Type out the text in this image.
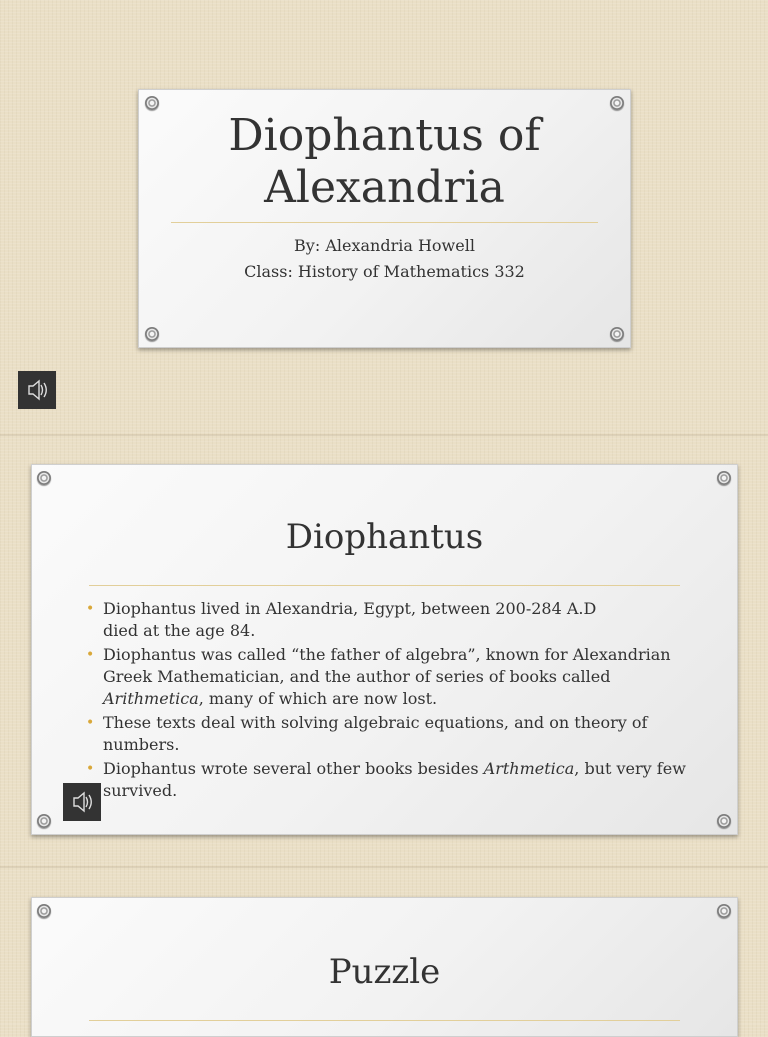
Diophantus of
Alexandria
By: Alexandria Howell
Class: History of Mathematics 332
Diophantus
• Diophantus lived in Alexandria, Egypt, between 200-284 A.D
died at the age 84.
• Diophantus was called “the father of algebra”, known for Alexandrian Greek Mathematician, and the author of series of books called Arithmetica, many of which are now lost.
• These texts deal with solving algebraic equations, and on theory of numbers.
• Diophantus wrote several other books besides Arthmetica, but very few survived.
Puzzle
